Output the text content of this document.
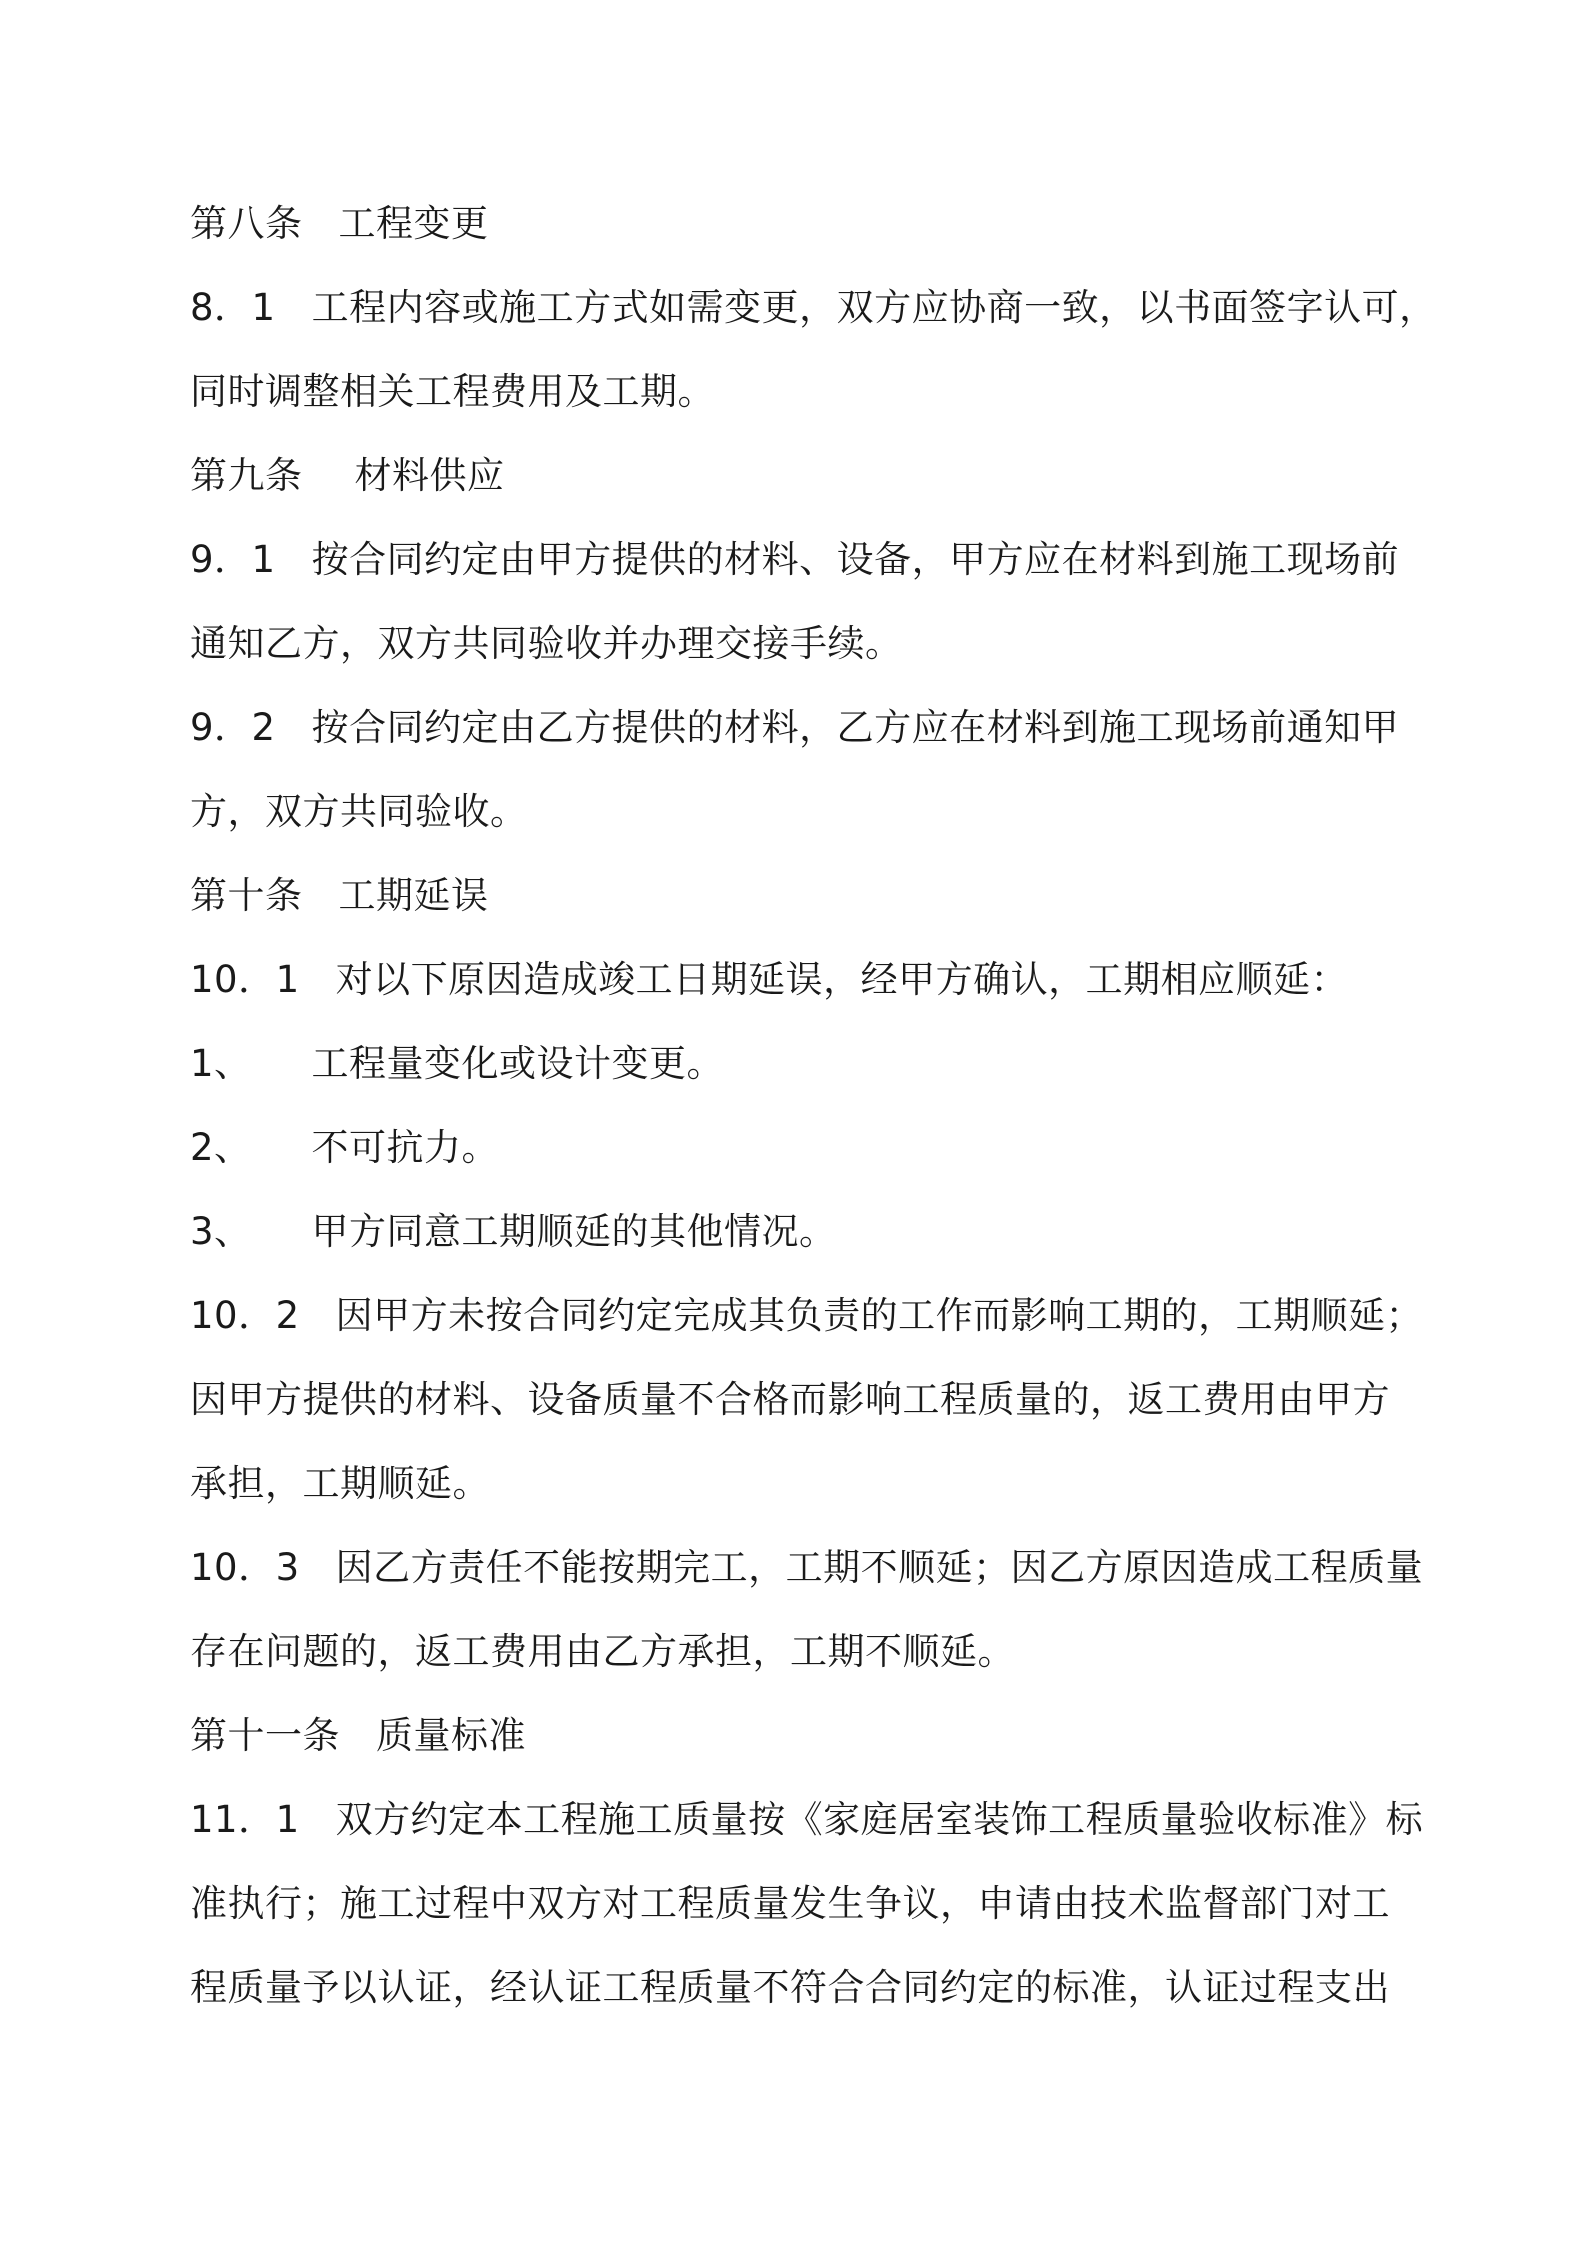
第八条 工程变更
8．1 工程内容或施工方式如需变更，双方应协商一致，以书面签字认可，
同时调整相关工程费用及工期。
第九条 材料供应
9．1 按合同约定由甲方提供的材料、设备，甲方应在材料到施工现场前
通知乙方，双方共同验收并办理交接手续。
9．2 按合同约定由乙方提供的材料，乙方应在材料到施工现场前通知甲
方，双方共同验收。
第十条 工期延误
10．1 对以下原因造成竣工日期延误，经甲方确认，工期相应顺延：
1、 工程量变化或设计变更。
2、 不可抗力。
3、 甲方同意工期顺延的其他情况。
10．2 因甲方未按合同约定完成其负责的工作而影响工期的，工期顺延；
因甲方提供的材料、设备质量不合格而影响工程质量的，返工费用由甲方
承担，工期顺延。
10．3 因乙方责任不能按期完工，工期不顺延；因乙方原因造成工程质量
存在问题的，返工费用由乙方承担，工期不顺延。
第十一条 质量标准
11．1 双方约定本工程施工质量按《家庭居室装饰工程质量验收标准》标
准执行；施工过程中双方对工程质量发生争议，申请由技术监督部门对工
程质量予以认证，经认证工程质量不符合合同约定的标准，认证过程支出
